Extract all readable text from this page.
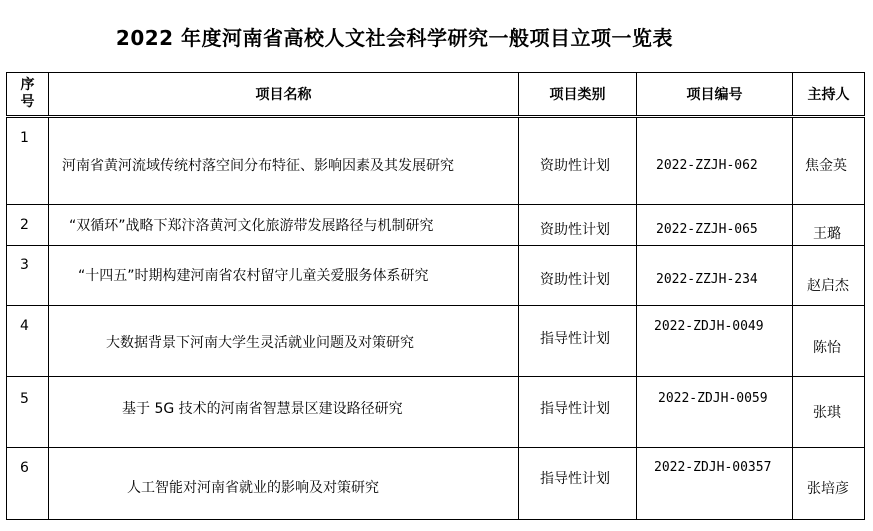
2022 年度河南省高校人文社会科学研究一般项目立项一览表
序号	项目名称	项目类别	项目编号	主持人

1	河南省黄河流域传统村落空间分布特征、影响因素及其发展研究	资助性计划	2022-ZZJH-062	焦金英

2	“双循环”战略下郑汴洛黄河文化旅游带发展路径与机制研究	资助性计划	2022-ZZJH-065	王璐

3	“十四五”时期构建河南省农村留守儿童关爱服务体系研究	资助性计划	2022-ZZJH-234	赵启杰

4	大数据背景下河南大学生灵活就业问题及对策研究	指导性计划	2022-ZDJH-0049	陈怡

5	基于 5G 技术的河南省智慧景区建设路径研究	指导性计划	2022-ZDJH-0059	张琪

6	人工智能对河南省就业的影响及对策研究	指导性计划	2022-ZDJH-00357	张培彦
